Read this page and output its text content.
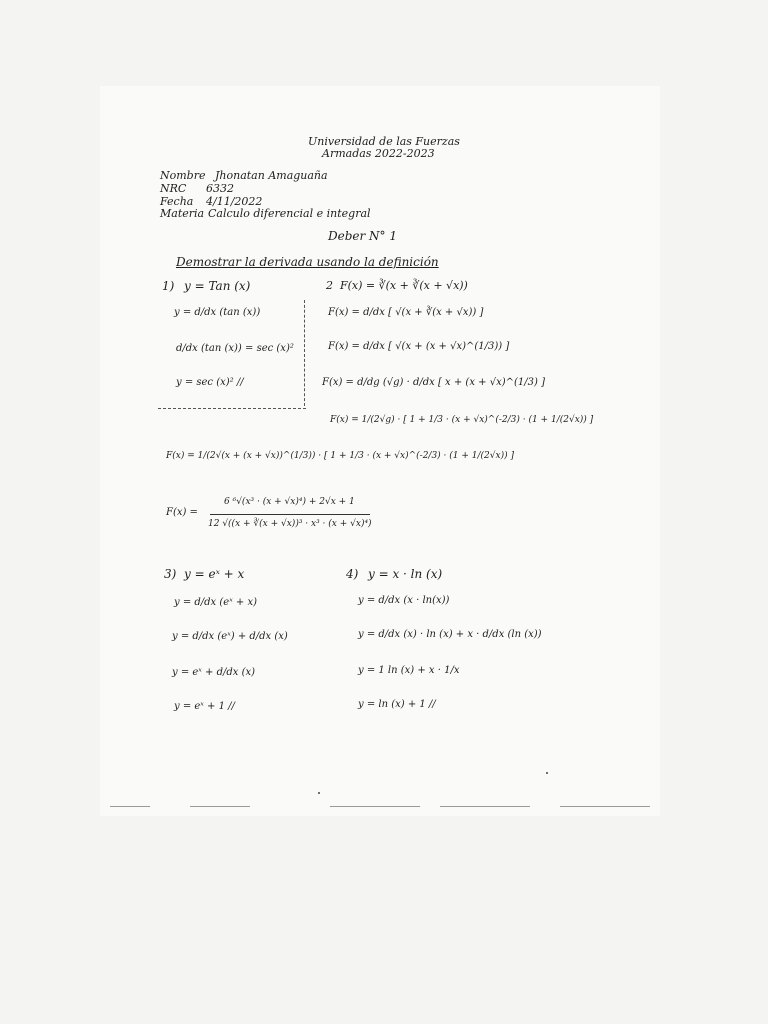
Universidad de las Fuerzas
Armadas 2022-2023
Nombre Jhonatan Amaguaña
NRC 6332
Fecha 4/11/2022
Materia Calculo diferencial e integral
Deber N° 1
Demostrar la derivada usando la definición
1) y = Tan (x)
y = d/dx (tan (x))
d/dx (tan (x)) = sec (x)²
y = sec (x)² //
2 F(x) = ∛(x + ∛(x + √x))
F(x) = d/dx [ √(x + ∛(x + √x)) ]
F(x) = d/dx [ √(x + (x + √x)^(1/3)) ]
F(x) = d/dg (√g) · d/dx [ x + (x + √x)^(1/3) ]
F(x) = 1/(2√g) · [ 1 + 1/3 · (x + √x)^(-2/3) · (1 + 1/(2√x)) ]
F(x) = 1/(2√(x + (x + √x))^(1/3)) · [ 1 + 1/3 · (x + √x)^(-2/3) · (1 + 1/(2√x)) ]
F(x) =
6 ⁶√(x³ · (x + √x)⁴) + 2√x + 1
12 √((x + ∛(x + √x))³ · x³ · (x + √x)⁴)
3) y = eˣ + x
y = d/dx (eˣ + x)
y = d/dx (eˣ) + d/dx (x)
y = eˣ + d/dx (x)
y = eˣ + 1 //
4) y = x · ln (x)
y = d/dx (x · ln(x))
y = d/dx (x) · ln (x) + x · d/dx (ln (x))
y = 1 ln (x) + x · 1/x
y = ln (x) + 1 //
